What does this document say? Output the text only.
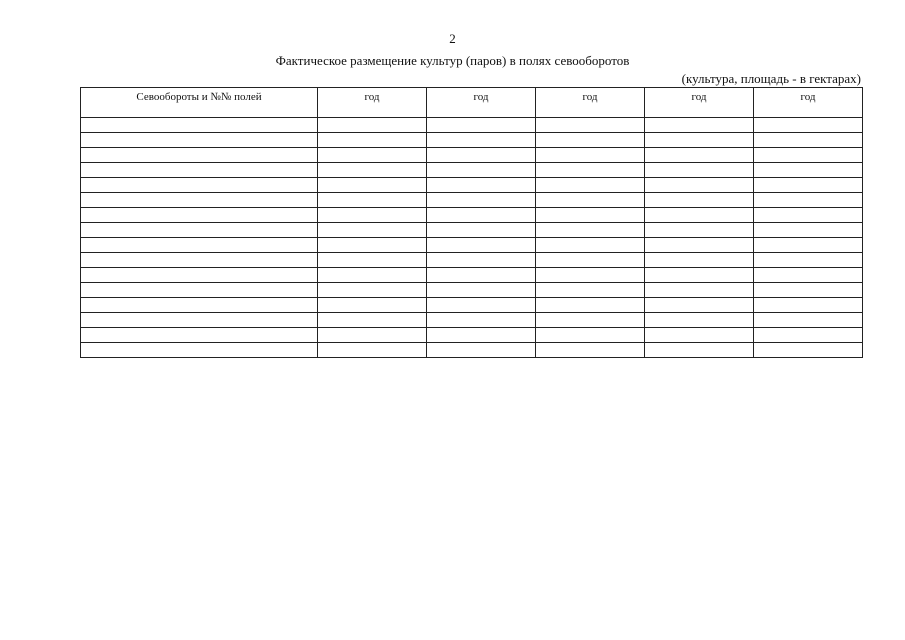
2
Фактическое размещение культур (паров) в полях севооборотов
(культура, площадь - в гектарах)
Севообороты и №№ полей	год	год	год	год	год
